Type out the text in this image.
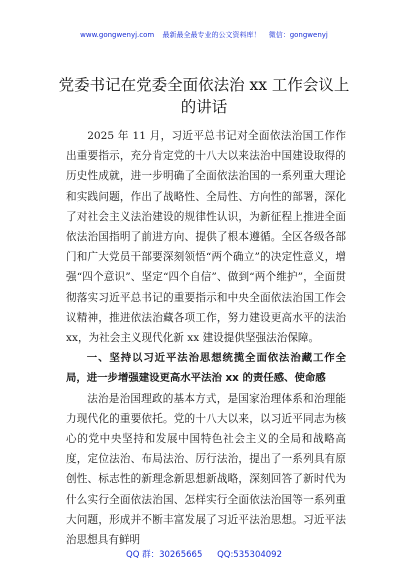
www.gongwenyj.com 最新最全最专业的公文资料库！ 微信：gongwenyj
党委书记在党委全面依法治 xx 工作会议上的讲话

2025 年 11 月，习近平总书记对全面依法治国工作作出重要指示，充分肯定党的十八大以来法治中国建设取得的历史性成就，进一步明确了全面依法治国的一系列重大理论和实践问题，作出了战略性、全局性、方向性的部署，深化了对社会主义法治建设的规律性认识，为新征程上推进全面依法治国指明了前进方向、提供了根本遵循。全区各级各部门和广大党员干部要深刻领悟“两个确立”的决定性意义，增强“四个意识”、坚定“四个自信”、做到“两个维护”，全面贯彻落实习近平总书记的重要指示和中央全面依法治国工作会议精神，推进依法治藏各项工作，努力建设更高水平的法治 xx，为社会主义现代化新 xx 建设提供坚强法治保障。

一、坚持以习近平法治思想统揽全面依法治藏工作全局，进一步增强建设更高水平法治 xx 的责任感、使命感

法治是治国理政的基本方式，是国家治理体系和治理能力现代化的重要依托。党的十八大以来，以习近平同志为核心的党中央坚持和发展中国特色社会主义的全局和战略高度，定位法治、布局法治、厉行法治，提出了一系列具有原创性、标志性的新理念新思想新战略，深刻回答了新时代为什么实行全面依法治国、怎样实行全面依法治国等一系列重大问题，形成并不断丰富发展了习近平法治思想。习近平法治思想具有鲜明

QQ 群：30265665 QQ:535304092
